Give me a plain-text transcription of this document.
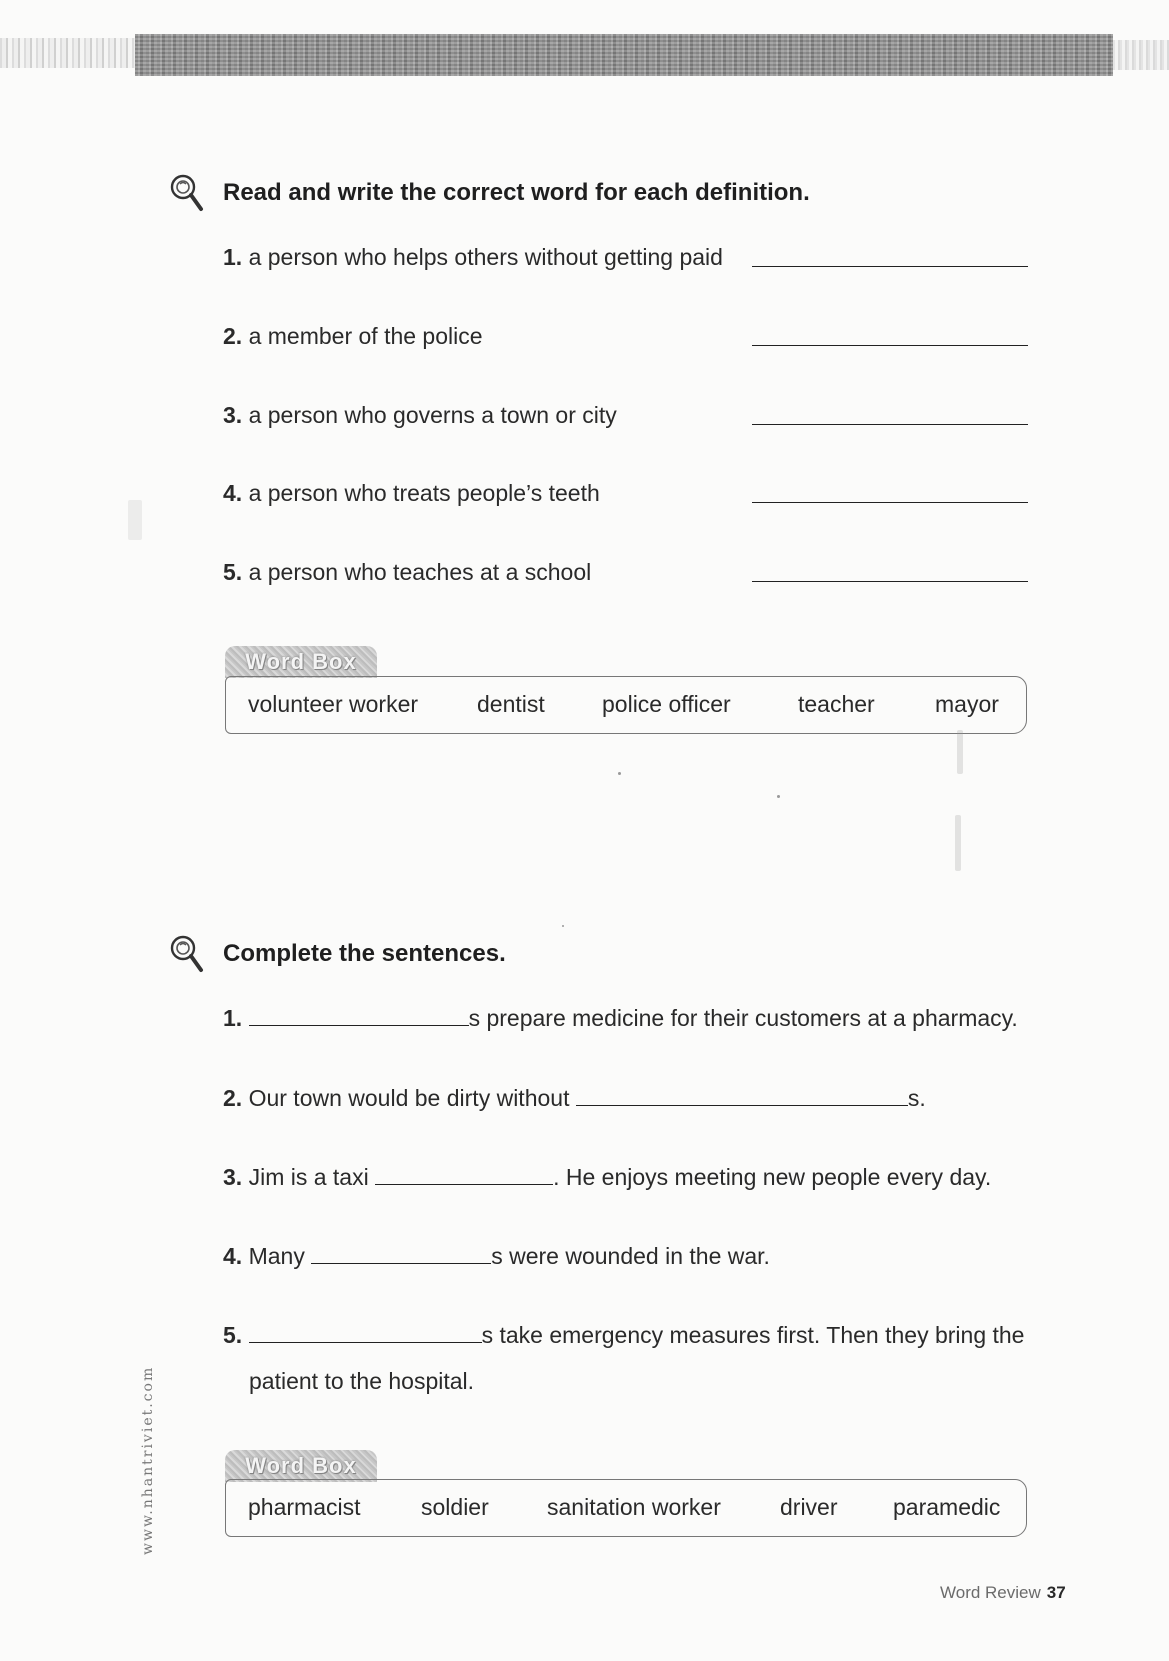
Read and write the correct word for each definition.
1. a person who helps others without getting paid
2. a member of the police
3. a person who governs a town or city
4. a person who treats people’s teeth
5. a person who teaches at a school
Word Box
volunteer worker	dentist police officer	teacher	mayor
Complete the sentences.
1.	s prepare medicine for their customers at a pharmacy.
2. Our town would be dirty without	s.
3. Jim is a taxi	. He enjoys meeting new people every day.
4. Many	s were wounded in the war.
5.	s take emergency measures first. Then they bring the
patient to the hospital.
Word Box
pharmacist	soldier	sanitation worker	driver paramedic
www.nhantriviet.com
Word Review 37
